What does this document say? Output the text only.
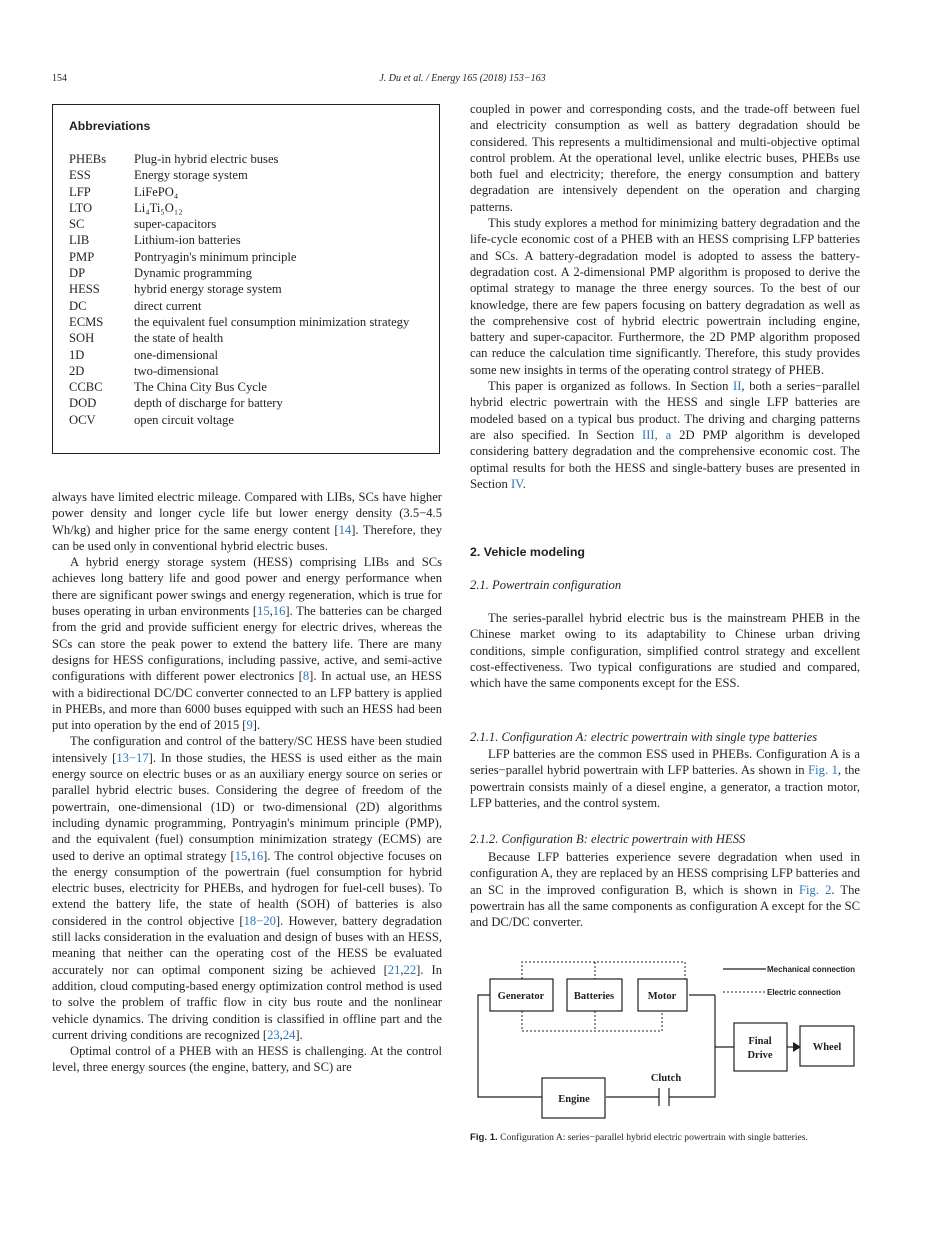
154	J. Du et al. / Energy 165 (2018) 153−163
Abbreviations
PHEBs	Plug-in hybrid electric buses
ESS	Energy storage system
LFP	LiFePO₄
LTO	Li₄Ti₅O₁₂
SC	super-capacitors
LIB	Lithium-ion batteries
PMP	Pontryagin's minimum principle
DP	Dynamic programming
HESS	hybrid energy storage system
DC	direct current
ECMS	the equivalent fuel consumption minimization strategy
SOH	the state of health
1D	one-dimensional
2D	two-dimensional
CCBC	The China City Bus Cycle
DOD	depth of discharge for battery
OCV	open circuit voltage

always have limited electric mileage. Compared with LIBs, SCs have higher power density and longer cycle life but lower energy density (3.5−4.5 Wh/kg) and higher price for the same energy content [14]. Therefore, they can be used only in conventional hybrid electric buses.

A hybrid energy storage system (HESS) comprising LIBs and SCs achieves long battery life and good power and energy performance when there are significant power swings and energy regeneration, which is true for buses operating in urban environments [15,16]. The batteries can be charged from the grid and provide sufficient energy for electric drives, whereas the SCs can store the peak power to extend the battery life. There are many designs for HESS configurations, including passive, active, and semi-active configurations with different power electronics [8]. In actual use, an HESS with a bidirectional DC/DC converter connected to an LFP battery is applied in PHEBs, and more than 6000 buses equipped with such an HESS had been put into operation by the end of 2015 [9].

The configuration and control of the battery/SC HESS have been studied intensively [13−17]. In those studies, the HESS is used either as the main energy source on electric buses or as an auxiliary energy source on series or parallel hybrid electric buses. Considering the degree of freedom of the powertrain, one-dimensional (1D) or two-dimensional (2D) algorithms including dynamic programming, Pontryagin's minimum principle (PMP), and the equivalent (fuel) consumption minimization strategy (ECMS) are used to derive an optimal strategy [15,16]. The control objective focuses on the energy consumption of the powertrain (fuel consumption for hybrid electric buses, electricity for PHEBs, and hydrogen for fuel-cell buses). To extend the battery life, the state of health (SOH) of batteries is also considered in the control objective [18−20]. However, battery degradation still lacks consideration in the evaluation and design of buses with an HESS, meaning that neither can the operating cost of the HESS be evaluated accurately nor can optimal component sizing be achieved [21,22]. In addition, cloud computing-based energy optimization control method is used to solve the problem of traffic flow in city bus route and the nonlinear vehicle dynamics. The driving condition is classified in offline part and the current driving conditions are recognized [23,24].

Optimal control of a PHEB with an HESS is challenging. At the control level, three energy sources (the engine, battery, and SC) are

coupled in power and corresponding costs, and the trade-off between fuel and electricity consumption as well as battery degradation should be considered. This represents a multidimensional and multi-objective optimal control problem. At the operational level, unlike electric buses, PHEBs use both fuel and electricity; therefore, the energy consumption and battery degradation are intensively dependent on the operation and charging patterns.

This study explores a method for minimizing battery degradation and the life-cycle economic cost of a PHEB with an HESS comprising LFP batteries and SCs. A battery-degradation model is adopted to assess the battery-degradation cost. A 2-dimensional PMP algorithm is proposed to derive the optimal strategy to manage the three energy sources. To the best of our knowledge, there are few papers focusing on battery degradation as well as the comprehensive cost of hybrid electric powertrain including engine, battery and super-capacitor. Furthermore, the 2D PMP algorithm proposed can reduce the calculation time significantly. Therefore, this study provides some new insights in terms of the operating control strategy of PHEB.

This paper is organized as follows. In Section II, both a series−parallel hybrid electric powertrain with the HESS and single LFP batteries are modeled based on a typical bus product. The driving and charging patterns are also specified. In Section III, a 2D PMP algorithm is developed considering battery degradation and the comprehensive economic cost. The optimal results for both the HESS and single-battery buses are presented in Section IV.

2. Vehicle modeling
2.1. Powertrain configuration

The series-parallel hybrid electric bus is the mainstream PHEB in the Chinese market owing to its adaptability to Chinese urban driving conditions, simple configuration, simplified control strategy and excellent cost-effectiveness. Two typical configurations are studied and compared, which have the same components except for the ESS.

2.1.1. Configuration A: electric powertrain with single type batteries

LFP batteries are the common ESS used in PHEBs. Configuration A is a series−parallel hybrid powertrain with LFP batteries. As shown in Fig. 1, the powertrain consists mainly of a diesel engine, a generator, a traction motor, LFP batteries, and the control system.

2.1.2. Configuration B: electric powertrain with HESS

Because LFP batteries experience severe degradation when used in configuration A, they are replaced by an HESS comprising LFP batteries and an SC in the improved configuration B, which is shown in Fig. 2. The powertrain has all the same components as configuration A except for the SC and DC/DC converter.

Generator	Batteries	Motor
Final Drive
Wheel
Engine
Clutch
Mechanical connection
Electric connection
Fig. 1. Configuration A: series−parallel hybrid electric powertrain with single batteries.
